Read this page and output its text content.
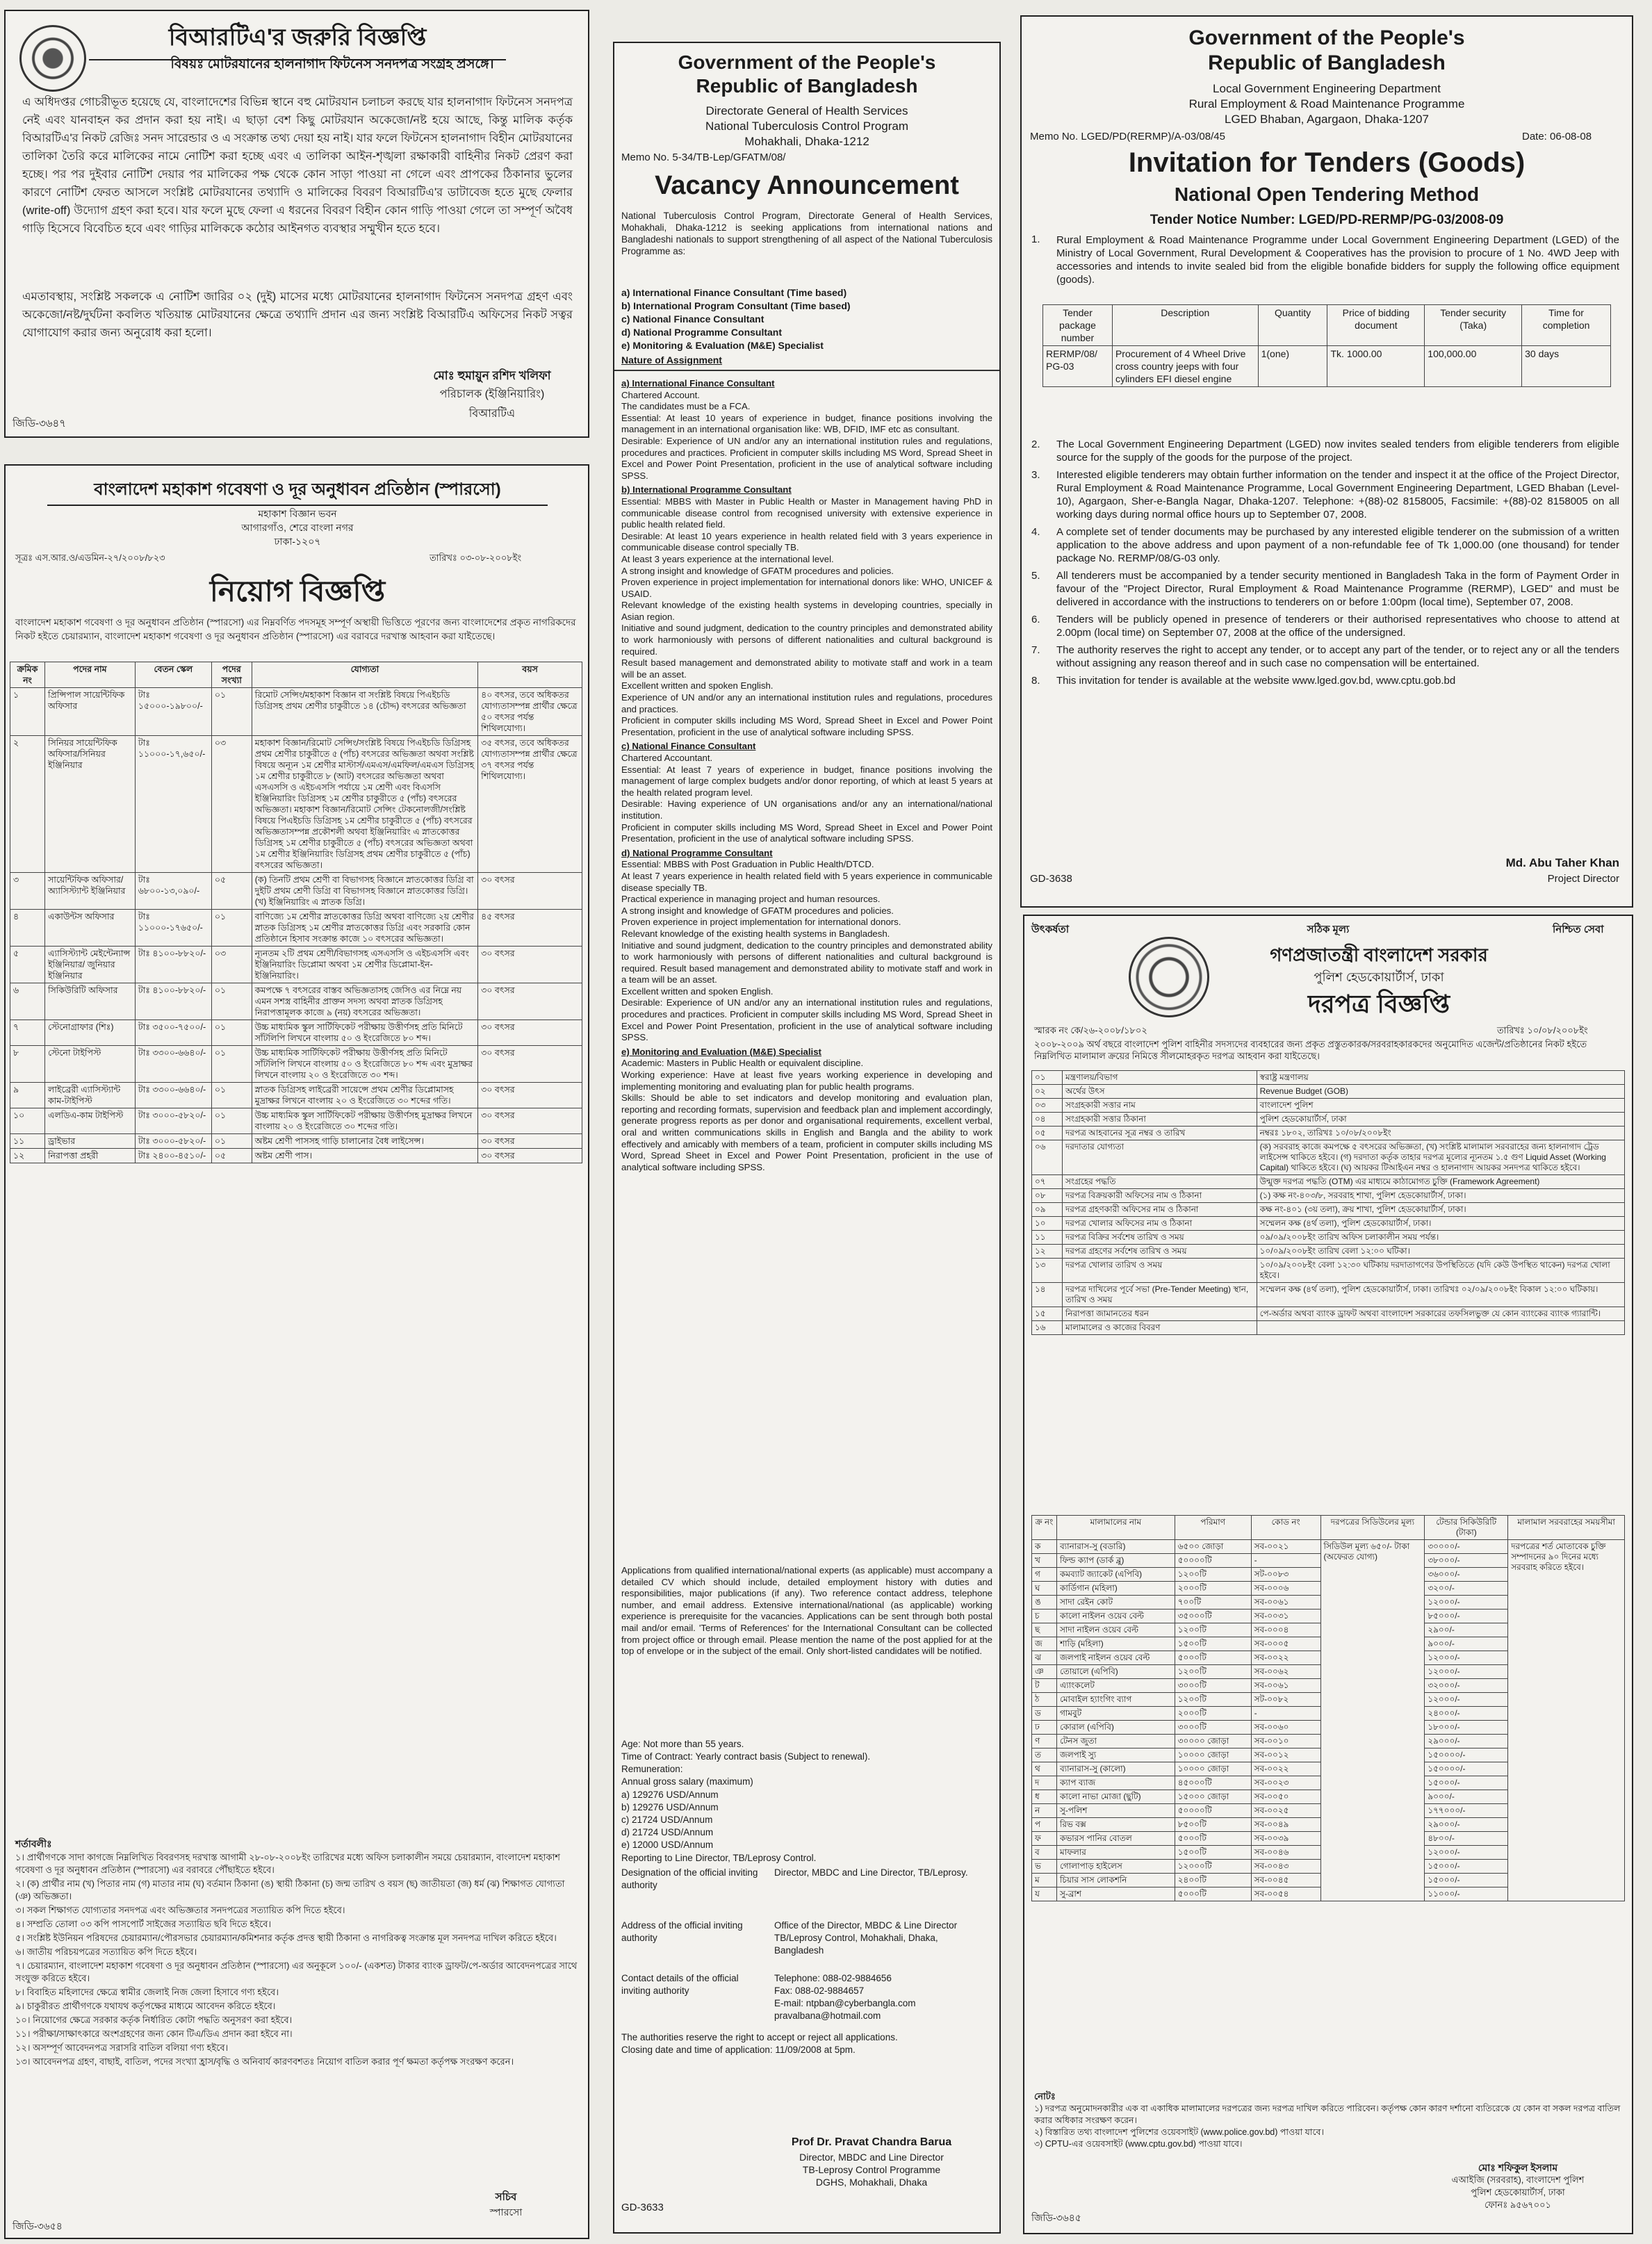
বিআরটিএ'র জরুরি বিজ্ঞপ্তি
বিষয়ঃ মোটরযানের হালনাগাদ ফিটনেস সনদপত্র সংগ্রহ প্রসঙ্গে।
এ অধিদপ্তর গোচরীভূত হয়েছে যে, বাংলাদেশের বিভিন্ন স্থানে বহু মোটরযান চলাচল করছে যার হালনাগাদ ফিটনেস সনদপত্র নেই এবং যানবাহন কর প্রদান করা হয় নাই। এ ছাড়া বেশ কিছু মোটরযান অকেজো/নষ্ট হয়ে আছে, কিন্তু মালিক কর্তৃক বিআরটিএ'র নিকট রেজিঃ সনদ সারেন্ডার ও এ সংক্রান্ত তথ্য দেয়া হয় নাই। যার ফলে ফিটনেস হালনাগাদ বিহীন মোটরযানের তালিকা তৈরি করে মালিকের নামে নোটিশ করা হচ্ছে এবং এ তালিকা আইন-শৃঙ্খলা রক্ষাকারী বাহিনীর নিকট প্রেরণ করা হচ্ছে। পর পর দুইবার নোটিশ দেয়ার পর মালিকের পক্ষ থেকে কোন সাড়া পাওয়া না গেলে এবং প্রাপকের ঠিকানার ভুলের কারণে নোটিশ ফেরত আসলে সংশ্লিষ্ট মোটরযানের তথ্যাদি ও মালিকের বিবরণ বিআরটিএ'র ডাটাবেজ হতে মুছে ফেলার (write-off) উদ্যোগ গ্রহণ করা হবে। যার ফলে মুছে ফেলা এ ধরনের বিবরণ বিহীন কোন গাড়ি পাওয়া গেলে তা সম্পূর্ণ অবৈধ গাড়ি হিসেবে বিবেচিত হবে এবং গাড়ির মালিককে কঠোর আইনগত ব্যবস্থার সম্মুখীন হতে হবে।
এমতাবস্থায়, সংশ্লিষ্ট সকলকে এ নোটিশ জারির ০২ (দুই) মাসের মধ্যে মোটরযানের হালনাগাদ ফিটনেস সনদপত্র গ্রহণ এবং অকেজো/নষ্ট/দুর্ঘটনা কবলিত খতিয়ান্ত মোটরযানের ক্ষেত্রে তথ্যাদি প্রদান এর জন্য সংশ্লিষ্ট বিআরটিএ অফিসের নিকট সত্বর যোগাযোগ করার জন্য অনুরোধ করা হলো।
মোঃ হুমায়ুন রশিদ খলিফা
পরিচালক (ইঞ্জিনিয়ারিং)
বিআরটিএ
জিডি-৩৬৪৭
বাংলাদেশ মহাকাশ গবেষণা ও দূর অনুধাবন প্রতিষ্ঠান (স্পারসো)
মহাকাশ বিজ্ঞান ভবন
আগারগাঁও, শেরে বাংলা নগর
ঢাকা-১২০৭
সূত্রঃ এস.আর.ও/এডমিন-২৭/২০০৮/৮২৩	তারিখঃ ০৩-০৮-২০০৮ইং
নিয়োগ বিজ্ঞপ্তি
বাংলাদেশ মহাকাশ গবেষণা ও দূর অনুধাবন প্রতিষ্ঠান (স্পারসো) এর নিম্নবর্ণিত পদসমূহ সম্পূর্ণ অস্থায়ী ভিত্তিতে পূরণের জন্য বাংলাদেশের প্রকৃত নাগরিকদের নিকট হইতে চেয়ারম্যান, বাংলাদেশ মহাকাশ গবেষণা ও দূর অনুধাবন প্রতিষ্ঠান (স্পারসো) এর বরাবরে দরখাস্ত আহবান করা যাইতেছে।
ক্রমিক নং	পদের নাম	বেতন স্কেল	পদের সংখ্যা	যোগ্যতা	বয়স
১	প্রিন্সিপাল সায়েন্টিফিক অফিসার	টাঃ ১৫০০০-১৯৮০০/-	০১	রিমোট সেন্সিং/মহাকাশ বিজ্ঞান বা সংশ্লিষ্ট বিষয়ে পিএইচডি ডিগ্রিসহ প্রথম শ্রেণীর চাকুরীতে ১৪ (চৌদ্দ) বৎসরের অভিজ্ঞতা	৪০ বৎসর, তবে অধিকতর যোগ্যতাসম্পন্ন প্রার্থীর ক্ষেত্রে ৫০ বৎসর পর্যন্ত শিথিলযোগ্য।
২	সিনিয়র সায়েন্টিফিক অফিসার/সিনিয়র ইঞ্জিনিয়ার	টাঃ ১১০০০-১৭,৬৫০/-	০৩	মহাকাশ বিজ্ঞান/রিমোট সেন্সিং/সংশ্লিষ্ট বিষয়ে পিএইচডি ডিগ্রিসহ প্রথম শ্রেণীর চাকুরীতে ৫ (পাঁচ) বৎসরের অভিজ্ঞতা অথবা সংশ্লিষ্ট বিষয়ে অন্যূন ১ম শ্রেণীর মাস্টার্স/এমএস/এমফিল/এমএস ডিগ্রিসহ ১ম শ্রেণীর চাকুরীতে ৮ (আট) বৎসরের অভিজ্ঞতা অথবা এসএসসি ও এইচএসসি পর্যায়ে ১ম শ্রেণী এবং বিএসসি ইঞ্জিনিয়ারিং ডিগ্রিসহ ১ম শ্রেণীর চাকুরীতে ৫ (পাঁচ) বৎসরের অভিজ্ঞতা। মহাকাশ বিজ্ঞান/রিমোট সেন্সিং টেকনোলজী/সংশ্লিষ্ট বিষয়ে পিএইচডি ডিগ্রিসহ ১ম শ্রেণীর চাকুরীতে ৫ (পাঁচ) বৎসরের অভিজ্ঞতাসম্পন্ন প্রকৌশলী অথবা ইঞ্জিনিয়ারিং এ স্নাতকোত্তর ডিগ্রিসহ ১ম শ্রেণীর চাকুরীতে ৫ (পাঁচ) বৎসরের অভিজ্ঞতা অথবা ১ম শ্রেণীর ইঞ্জিনিয়ারিং ডিগ্রিসহ প্রথম শ্রেণীর চাকুরীতে ৫ (পাঁচ) বৎসরের অভিজ্ঞতা।	৩৫ বৎসর, তবে অধিকতর যোগ্যতাসম্পন্ন প্রার্থীর ক্ষেত্রে ৩৭ বৎসর পর্যন্ত শিথিলযোগ্য।
৩	সায়েন্টিফিক অফিসার/ অ্যাসিস্ট্যান্ট ইঞ্জিনিয়ার	টাঃ ৬৮০০-১৩,০৯০/-	০৫	(ক) তিনটি প্রথম শ্রেণী বা বিভাগসহ বিজ্ঞানে স্নাতকোত্তর ডিগ্রি বা দুইটি প্রথম শ্রেণী ডিগ্রি বা বিভাগসহ বিজ্ঞানে স্নাতকোত্তর ডিগ্রি। (খ) ইঞ্জিনিয়ারিং এ স্নাতক ডিগ্রি।	৩০ বৎসর
৪	একাউন্টস অফিসার	টাঃ ১১০০০-১৭৬৫০/-	০১	বাণিজ্যে ১ম শ্রেণীর স্নাতকোত্তর ডিগ্রি অথবা বাণিজ্যে ২য় শ্রেণীর স্নাতক ডিগ্রিসহ ১ম শ্রেণীর স্নাতকোত্তর ডিগ্রি এবং সরকারি কোন প্রতিষ্ঠানে হিসাব সংক্রান্ত কাজে ১০ বৎসরের অভিজ্ঞতা।	৪৫ বৎসর
৫	এ্যাসিস্ট্যান্ট মেইন্টেন্যান্স ইঞ্জিনিয়ার/ জুনিয়ার ইঞ্জিনিয়ার	টাঃ ৪১০০-৮৮২০/-	০৩	ন্যূনতম ২টি প্রথম শ্রেণী/বিভাগসহ এসএসসি ও এইচএসসি এবং ইঞ্জিনিয়ারিং ডিপ্লোমা অথবা ১ম শ্রেণীর ডিপ্লোমা-ইন-ইঞ্জিনিয়ারিং।	৩০ বৎসর
৬	সিকিউরিটি অফিসার	টাঃ ৪১০০-৮৮২০/-	০১	কমপক্ষে ৭ বৎসরের বাস্তব অভিজ্ঞতাসহ জেসিও এর নিম্নে নয় এমন সশস্ত্র বাহিনীর প্রাক্তন সদস্য অথবা স্নাতক ডিগ্রিসহ নিরাপত্তামূলক কাজে ৯ (নয়) বৎসরের অভিজ্ঞতা।	৩০ বৎসর
৭	স্টেনোগ্রাফার (শিঃ)	টাঃ ৩৫০০-৭৫০০/-	০১	উচ্চ মাধ্যমিক স্কুল সার্টিফিকেট পরীক্ষায় উত্তীর্ণসহ প্রতি মিনিটে সাঁটলিপি লিখনে বাংলায় ৫০ ও ইংরেজিতে ৮০ শব্দ।	৩০ বৎসর
৮	স্টেনো টাইপিস্ট	টাঃ ৩৩০০-৬৬৪০/-	০১	উচ্চ মাধ্যমিক সার্টিফিকেট পরীক্ষায় উত্তীর্ণসহ প্রতি মিনিটে সাঁটলিপি লিখনে বাংলায় ৫০ ও ইংরেজিতে ৮০ শব্দ এবং মুদ্রাক্ষর লিখনে বাংলায় ২০ ও ইংরেজিতে ৩০ শব্দ।	৩০ বৎসর
৯	লাইব্রেরী এ্যাসিস্ট্যান্ট কাম-টাইপিস্ট	টাঃ ৩৩০০-৬৬৪০/-	০১	স্নাতক ডিগ্রিসহ লাইব্রেরী সায়েন্সে প্রথম শ্রেণীর ডিপ্লোমাসহ মুদ্রাক্ষর লিখনে বাংলায় ২০ ও ইংরেজিতে ৩০ শব্দের গতি।	৩০ বৎসর
১০	এলডিএ-কাম টাইপিস্ট	টাঃ ৩০০০-৫৮২০/-	০১	উচ্চ মাধ্যমিক স্কুল সার্টিফিকেট পরীক্ষায় উত্তীর্ণসহ মুদ্রাক্ষর লিখনে বাংলায় ২০ ও ইংরেজিতে ৩০ শব্দের গতি।	৩০ বৎসর
১১	ড্রাইভার	টাঃ ৩০০০-৫৮২০/-	০১	অষ্টম শ্রেণী পাসসহ গাড়ি চালানোর বৈধ লাইসেন্স।	৩০ বৎসর
১২	নিরাপত্তা প্রহরী	টাঃ ২৪০০-৪৫১০/-	০৫	অষ্টম শ্রেণী পাস।	৩০ বৎসর
শর্তাবলীঃ
১। প্রার্থীগণকে সাদা কাগজে নিম্নলিখিত বিবরণসহ দরখাস্ত আগামী ২৮-০৮-২০০৮ইং তারিখের মধ্যে অফিস চলাকালীন সময়ে চেয়ারম্যান, বাংলাদেশ মহাকাশ গবেষণা ও দূর অনুধাবন প্রতিষ্ঠান (স্পারসো) এর বরাবরে পৌঁছাইতে হইবে।
২। (ক) প্রার্থীর নাম (খ) পিতার নাম (গ) মাতার নাম (ঘ) বর্তমান ঠিকানা (ঙ) স্থায়ী ঠিকানা (চ) জন্ম তারিখ ও বয়স (ছ) জাতীয়তা (জ) ধর্ম (ঝ) শিক্ষাগত যোগ্যতা (ঞ) অভিজ্ঞতা।
৩। সকল শিক্ষাগত যোগ্যতার সনদপত্র এবং অভিজ্ঞতার সনদপত্রের সত্যায়িত কপি দিতে হইবে।
৪। সম্প্রতি তোলা ০৩ কপি পাসপোর্ট সাইজের সত্যায়িত ছবি দিতে হইবে।
৫। সংশ্লিষ্ট ইউনিয়ন পরিষদের চেয়ারম্যান/পৌরসভার চেয়ারম্যান/কমিশনার কর্তৃক প্রদত্ত স্থায়ী ঠিকানা ও নাগরিকত্ব সংক্রান্ত মূল সনদপত্র দাখিল করিতে হইবে।
৬। জাতীয় পরিচয়পত্রের সত্যায়িত কপি দিতে হইবে।
৭। চেয়ারম্যান, বাংলাদেশ মহাকাশ গবেষণা ও দূর অনুধাবন প্রতিষ্ঠান (স্পারসো) এর অনুকূলে ১০০/- (একশত) টাকার ব্যাংক ড্রাফট/পে-অর্ডার আবেদনপত্রের সাথে সংযুক্ত করিতে হইবে।
৮। বিবাহিত মহিলাদের ক্ষেত্রে স্বামীর জেলাই নিজ জেলা হিসাবে গণ্য হইবে।
৯। চাকুরীরত প্রার্থীগণকে যথাযথ কর্তৃপক্ষের মাধ্যমে আবেদন করিতে হইবে।
১০। নিয়োগের ক্ষেত্রে সরকার কর্তৃক নির্ধারিত কোটা পদ্ধতি অনুসরণ করা হইবে।
১১। পরীক্ষা/সাক্ষাৎকারে অংশগ্রহণের জন্য কোন টিএ/ডিএ প্রদান করা হইবে না।
১২। অসম্পূর্ণ আবেদনপত্র সরাসরি বাতিল বলিয়া গণ্য হইবে।
১৩। আবেদনপত্র গ্রহণ, বাছাই, বাতিল, পদের সংখ্যা হ্রাস/বৃদ্ধি ও অনিবার্য কারণবশতঃ নিয়োগ বাতিল করার পূর্ণ ক্ষমতা কর্তৃপক্ষ সংরক্ষণ করেন।
সচিব
স্পারসো
জিডি-৩৬৫৪
Government of the People's
Republic of Bangladesh
Directorate General of Health Services
National Tuberculosis Control Program
Mohakhali, Dhaka-1212
Memo No. 5-34/TB-Lep/GFATM/08/
Vacancy Announcement
National Tuberculosis Control Program, Directorate General of Health Services, Mohakhali, Dhaka-1212 is seeking applications from international nations and Bangladeshi nationals to support strengthening of all aspect of the National Tuberculosis Programme as:
a) International Finance Consultant (Time based)
b) International Program Consultant (Time based)
c) National Finance Consultant
d) National Programme Consultant
e) Monitoring & Evaluation (M&E) Specialist
Nature of Assignment
a) International Finance Consultant
Chartered Account.
The candidates must be a FCA.
Essential: At least 10 years of experience in budget, finance positions involving the management in an international organisation like: WB, DFID, IMF etc as consultant.
Desirable: Experience of UN and/or any an international institution rules and regulations, procedures and practices. Proficient in computer skills including MS Word, Spread Sheet in Excel and Power Point Presentation, proficient in the use of analytical software including SPSS.
b) International Programme Consultant
Essential: MBBS with Master in Public Health or Master in Management having PhD in communicable disease control from recognised university with extensive experience in public health related field.
Desirable: At least 10 years experience in health related field with 3 years experience in communicable disease control specially TB.
At least 3 years experience at the international level.
A strong insight and knowledge of GFATM procedures and policies.
Proven experience in project implementation for international donors like: WHO, UNICEF & USAID.
Relevant knowledge of the existing health systems in developing countries, specially in Asian region.
Initiative and sound judgment, dedication to the country principles and demonstrated ability to work harmoniously with persons of different nationalities and cultural background is required.
Result based management and demonstrated ability to motivate staff and work in a team will be an asset.
Excellent written and spoken English.
Experience of UN and/or any an international institution rules and regulations, procedures and practices.
Proficient in computer skills including MS Word, Spread Sheet in Excel and Power Point Presentation, proficient in the use of analytical software including SPSS.
c) National Finance Consultant
Chartered Accountant.
Essential: At least 7 years of experience in budget, finance positions involving the management of large complex budgets and/or donor reporting, of which at least 5 years at the health related program level.
Desirable: Having experience of UN organisations and/or any an international/national institution.
Proficient in computer skills including MS Word, Spread Sheet in Excel and Power Point Presentation, proficient in the use of analytical software including SPSS.
d) National Programme Consultant
Essential: MBBS with Post Graduation in Public Health/DTCD.
At least 7 years experience in health related field with 5 years experience in communicable disease specially TB.
Practical experience in managing project and human resources.
A strong insight and knowledge of GFATM procedures and policies.
Proven experience in project implementation for international donors.
Relevant knowledge of the existing health systems in Bangladesh.
Initiative and sound judgment, dedication to the country principles and demonstrated ability to work harmoniously with persons of different nationalities and cultural background is required. Result based management and demonstrated ability to motivate staff and work in a team will be an asset.
Excellent written and spoken English.
Desirable: Experience of UN and/or any an international institution rules and regulations, procedures and practices. Proficient in computer skills including MS Word, Spread Sheet in Excel and Power Point Presentation, proficient in the use of analytical software including SPSS.
e) Monitoring and Evaluation (M&E) Specialist
Academic: Masters in Public Health or equivalent discipline.
Working experience: Have at least five years working experience in developing and implementing monitoring and evaluating plan for public health programs.
Skills: Should be able to set indicators and develop monitoring and evaluation plan, reporting and recording formats, supervision and feedback plan and implement accordingly, generate progress reports as per donor and organisational requirements, excellent verbal, oral and written communications skills in English and Bangla and the ability to work effectively and amicably with members of a team, proficient in computer skills including MS Word, Spread Sheet in Excel and Power Point Presentation, proficient in the use of analytical software including SPSS.
Applications from qualified international/national experts (as applicable) must accompany a detailed CV which should include, detailed employment history with duties and responsibilities, major publications (if any). Two reference contact address, telephone number, and email address. Extensive international/national (as applicable) working experience is prerequisite for the vacancies. Applications can be sent through both postal mail and/or email. 'Terms of References' for the International Consultant can be collected from project office or through email. Please mention the name of the post applied for at the top of envelope or in the subject of the email. Only short-listed candidates will be notified.
Age: Not more than 55 years.
Time of Contract: Yearly contract basis (Subject to renewal).
Remuneration:
Annual gross salary (maximum)
a) 129276 USD/Annum
b) 129276 USD/Annum
c) 21724 USD/Annum
d) 21724 USD/Annum
e) 12000 USD/Annum
Reporting to Line Director, TB/Leprosy Control.
Designation of the official inviting authority
Director, MBDC and Line Director, TB/Leprosy.
Address of the official inviting authority
Office of the Director, MBDC & Line Director TB/Leprosy Control, Mohakhali, Dhaka, Bangladesh
Contact details of the official inviting authority
Telephone: 088-02-9884656
Fax: 088-02-9884657
E-mail: ntpban@cyberbangla.com
pravalbana@hotmail.com
The authorities reserve the right to accept or reject all applications.
Closing date and time of application: 11/09/2008 at 5pm.
Prof Dr. Pravat Chandra Barua
Director, MBDC and Line Director
TB-Leprosy Control Programme
DGHS, Mohakhali, Dhaka
GD-3633
Government of the People's
Republic of Bangladesh
Local Government Engineering Department
Rural Employment & Road Maintenance Programme
LGED Bhaban, Agargaon, Dhaka-1207
Memo No. LGED/PD(RERMP)/A-03/08/45	Date: 06-08-08
Invitation for Tenders (Goods)
National Open Tendering Method
Tender Notice Number: LGED/PD-RERMP/PG-03/2008-09
1. Rural Employment & Road Maintenance Programme under Local Government Engineering Department (LGED) of the Ministry of Local Government, Rural Development & Cooperatives has the provision to procure of 1 No. 4WD Jeep with accessories and intends to invite sealed bid from the eligible bonafide bidders for supply the following office equipment (goods).
Tender package number	Description	Quantity	Price of bidding document	Tender security (Taka)	Time for completion
RERMP/08/ PG-03	Procurement of 4 Wheel Drive cross country jeeps with four cylinders EFI diesel engine	1(one)	Tk. 1000.00	100,000.00	30 days
2.	The Local Government Engineering Department (LGED) now invites sealed tenders from eligible tenderers from eligible source for the supply of the goods for the purpose of the project.
3.	Interested eligible tenderers may obtain further information on the tender and inspect it at the office of the Project Director, Rural Employment & Road Maintenance Programme, Local Government Engineering Department, LGED Bhaban (Level-10), Agargaon, Sher-e-Bangla Nagar, Dhaka-1207. Telephone: +(88)-02 8158005, Facsimile: +(88)-02 8158005 on all working days during normal office hours up to September 07, 2008.
4.	A complete set of tender documents may be purchased by any interested eligible tenderer on the submission of a written application to the above address and upon payment of a non-refundable fee of Tk 1,000.00 (one thousand) for tender package No. RERMP/08/G-03 only.
5.	All tenderers must be accompanied by a tender security mentioned in Bangladesh Taka in the form of Payment Order in favour of the "Project Director, Rural Employment & Road Maintenance Programme (RERMP), LGED" and must be delivered in accordance with the instructions to tenderers on or before 1:00pm (local time), September 07, 2008.
6.	Tenders will be publicly opened in presence of tenderers or their authorised representatives who choose to attend at 2.00pm (local time) on September 07, 2008 at the office of the undersigned.
7.	The authority reserves the right to accept any tender, or to accept any part of the tender, or to reject any or all the tenders without assigning any reason thereof and in such case no compensation will be entertained.
8.	This invitation for tender is available at the website www.lged.gov.bd, www.cptu.gob.bd
Md. Abu Taher Khan
Project Director
GD-3638
উৎকর্ষতা	সঠিক মূল্য	নিশ্চিত সেবা
গণপ্রজাতন্ত্রী বাংলাদেশ সরকার
পুলিশ হেডকোয়ার্টার্স, ঢাকা
দরপত্র বিজ্ঞপ্তি
স্মারক নং কে/২৬-২০০৮/১৮০২	তারিখঃ ১০/০৮/২০০৮ইং
২০০৮-২০০৯ অর্থ বছরে বাংলাদেশ পুলিশ বাহিনীর সদস্যদের ব্যবহারের জন্য প্রকৃত প্রস্তুতকারক/সরবরাহকারকদের অনুমোদিত এজেন্ট/প্রতিষ্ঠানের নিকট হইতে নিম্নলিখিত মালামাল ক্রয়ের নিমিত্তে সীলমোহরকৃত দরপত্র আহবান করা যাইতেছে।
০১	মন্ত্রণালয়/বিভাগ	স্বরাষ্ট্র মন্ত্রণালয়
০২	অর্থের উৎস	Revenue Budget (GOB)
০৩	সংগ্রহকারী সত্তার নাম	বাংলাদেশ পুলিশ
০৪	সংগ্রহকারী সত্তার ঠিকানা	পুলিশ হেডকোয়ার্টার্স, ঢাকা
০৫	দরপত্র আহবানের সূত্র নম্বর ও তারিখ	নম্বরঃ ১৮০২, তারিখঃ ১০/০৮/২০০৮ইং
০৬	দরদাতার যোগ্যতা	(ক) সরবরাহ কাজে কমপক্ষে ৫ বৎসরের অভিজ্ঞতা, (খ) সংশ্লিষ্ট মালামাল সরবরাহের জন্য হালনাগাদ ট্রেড লাইসেন্স থাকিতে হইবে। (গ) দরদাতা কর্তৃক তাহার দরপত্র মূল্যের ন্যূনতম ১.৫ গুণ Liquid Asset (Working Capital) থাকিতে হইবে। (ঘ) আয়কর টিআইএন নম্বর ও হালনাগাদ আয়কর সনদপত্র থাকিতে হইবে।
০৭	সংগ্রহের পদ্ধতি	উন্মুক্ত দরপত্র পদ্ধতি (OTM) এর মাধ্যমে কাঠামোগত চুক্তি (Framework Agreement)
০৮	দরপত্র বিক্রয়কারী অফিসের নাম ও ঠিকানা	(১) কক্ষ নং-৪০৩/৮, সরবরাহ শাখা, পুলিশ হেডকোয়ার্টার্স, ঢাকা।
০৯	দরপত্র গ্রহণকারী অফিসের নাম ও ঠিকানা	কক্ষ নং-৪০১ (৩য় তলা), ক্রয় শাখা, পুলিশ হেডকোয়ার্টার্স, ঢাকা।
১০	দরপত্র খোলার অফিসের নাম ও ঠিকানা	সম্মেলন কক্ষ (৪র্থ তলা), পুলিশ হেডকোয়ার্টার্স, ঢাকা।
১১	দরপত্র বিক্রির সর্বশেষ তারিখ ও সময়	০৯/০৯/২০০৮ইং তারিখ অফিস চলাকালীন সময় পর্যন্ত।
১২	দরপত্র গ্রহণের সর্বশেষ তারিখ ও সময়	১০/০৯/২০০৮ইং তারিখ বেলা ১২:০০ ঘটিকা।
১৩	দরপত্র খোলার তারিখ ও সময়	১০/০৯/২০০৮ইং বেলা ১২:৩০ ঘটিকায় দরদাতাগণের উপস্থিতিতে (যদি কেউ উপস্থিত থাকেন) দরপত্র খোলা হইবে।
১৪	দরপত্র দাখিলের পূর্বে সভা (Pre-Tender Meeting) স্থান, তারিখ ও সময়	সম্মেলন কক্ষ (৪র্থ তলা), পুলিশ হেডকোয়ার্টার্স, ঢাকা। তারিখঃ ০২/০৯/২০০৮ইং বিকাল ১২:০০ ঘটিকায়।
১৫	নিরাপত্তা জামানতের ধরন	পে-অর্ডার অথবা ব্যাংক ড্রাফট অথবা বাংলাদেশ সরকারের তফসিলভুক্ত যে কোন ব্যাংকের ব্যাংক গ্যারান্টি।
১৬	মালামালের ও কাজের বিবরণ	
ক্র নং	মালামালের নাম	পরিমাণ	কোড নং	দরপত্রের সিডিউলের মূল্য	টেন্ডার সিকিউরিটি (টাকা)	মালামাল সরবরাহের সময়সীমা
ক	ব্যানারাস-সু (বডারি)	৬৫০০ জোড়া	সব-০০২১	সিডিউল মূল্য ৬৫০/- টাকা (অফেরত যোগ্য)	৩০০০০/-	দরপত্রের শর্ত মোতাবেক চুক্তি সম্পাদনের ৯০ দিনের মধ্যে সরবরাহ করিতে হইবে।
খ	ফিল্ড ক্যাপ (ডার্ক ব্লু)	৫০০০০টি	-		৩৮০০০/-	
গ	কমব্যাট জ্যাকেট (এপিবি)	১২০০টি	সট-০০৮৩		৩৬০০০/-	
ঘ	কার্ডিগান (মহিলা)	২০০০টি	সব-০০০৬		৩২০০/-	
ঙ	সাদা রেইন কোট	৭০০টি	সব-০০৬১		১২০০০/-	
চ	কালো নাইলন ওয়েব বেল্ট	৩৫০০০টি	সব-০০৩১		৮৫০০০/-	
ছ	সাদা নাইলন ওয়েব বেল্ট	১২০০টি	সব-০০০৪		২৯০০/-	
জ	শাড়ি (মহিলা)	১৫০০টি	সব-০০০৫		৯০০০/-	
ঝ	জলপাই নাইলন ওয়েব বেল্ট	৫০০০টি	সব-০০২২		১২০০০/-	
ঞ	তোয়ালে (এপিবি)	১২০০টি	সব-০০৬২		১২০০০/-	
ট	এ্যাংকলেট	৩০০০টি	সব-০০৬১		৩২০০০/-	
ঠ	মোবাইল হ্যাংগিং ব্যাগ	১২০০টি	সট-০০৮২		১২০০০/-	
ড	গামবুট	২০০০টি	-		২৪০০০/-	
ঢ	কোরাল (এপিবি)	৩০০০টি	সব-০০৬০		১৮০০০/-	
ণ	টেনস জুতা	৩০০০০ জোড়া	সব-০০১০		২৯০০০/-	
ত	জলপাই স্যু	১০০০০ জোড়া	সব-০০১২		১৫০০০০/-	
থ	ব্যানারাস-সু (কালো)	১০০০০ জোড়া	সব-০০২২		১৫০০০০/-	
দ	ক্যাপ ব্যাজ	৪৫০০০টি	সব-০০২৩		১৫০০০/-	
ধ	কালো নাভা মোজা (ছুটি)	১৫০০০ জোড়া	সব-০০৫০		৯০০০/-	
ন	সু-পলিশ	৫০০০০টি	সব-০০২৫		১৭৭০০০/-	
প	রিভ বক্স	৮৫০০টি	সব-০০৪৯		২৯০০০/-	
ফ	কভারস পানির বোতল	৫০০০টি	সব-০০৩৯		৪৮০০/-	
ব	মাফলার	১৫০০টি	সব-০০৪৬		১২০০০/-	
ভ	গোলাপাড় হাইলেস	১২০০০টি	সব-০০৪৩		১৫০০০/-	
ম	চিয়ার সাস লোকশনি	২৪০০টি	সব-০০৪৫		১৫০০০/-	
য	সু-ব্রাশ	৫০০০টি	সব-০০৫৪		১১০০০/-	
নোটঃ
১) দরপত্র অনুমোদনকারীর এক বা একাধিক মালামালের দরপত্রের জন্য দরপত্র দাখিল করিতে পারিবেন। কর্তৃপক্ষ কোন কারণ দর্শানো ব্যতিরেকে যে কোন বা সকল দরপত্র বাতিল করার অধিকার সংরক্ষণ করেন।
২) বিস্তারিত তথ্য বাংলাদেশ পুলিশের ওয়েবসাইট (www.police.gov.bd) পাওয়া যাবে।
৩) CPTU-এর ওয়েবসাইট (www.cptu.gov.bd) পাওয়া যাবে।
মোঃ শফিকুল ইসলাম
এআইজি (সরবরাহ), বাংলাদেশ পুলিশ
পুলিশ হেডকোয়ার্টার্স, ঢাকা
ফোনঃ ৯৫৬৭০০১
জিডি-৩৬৪৫
